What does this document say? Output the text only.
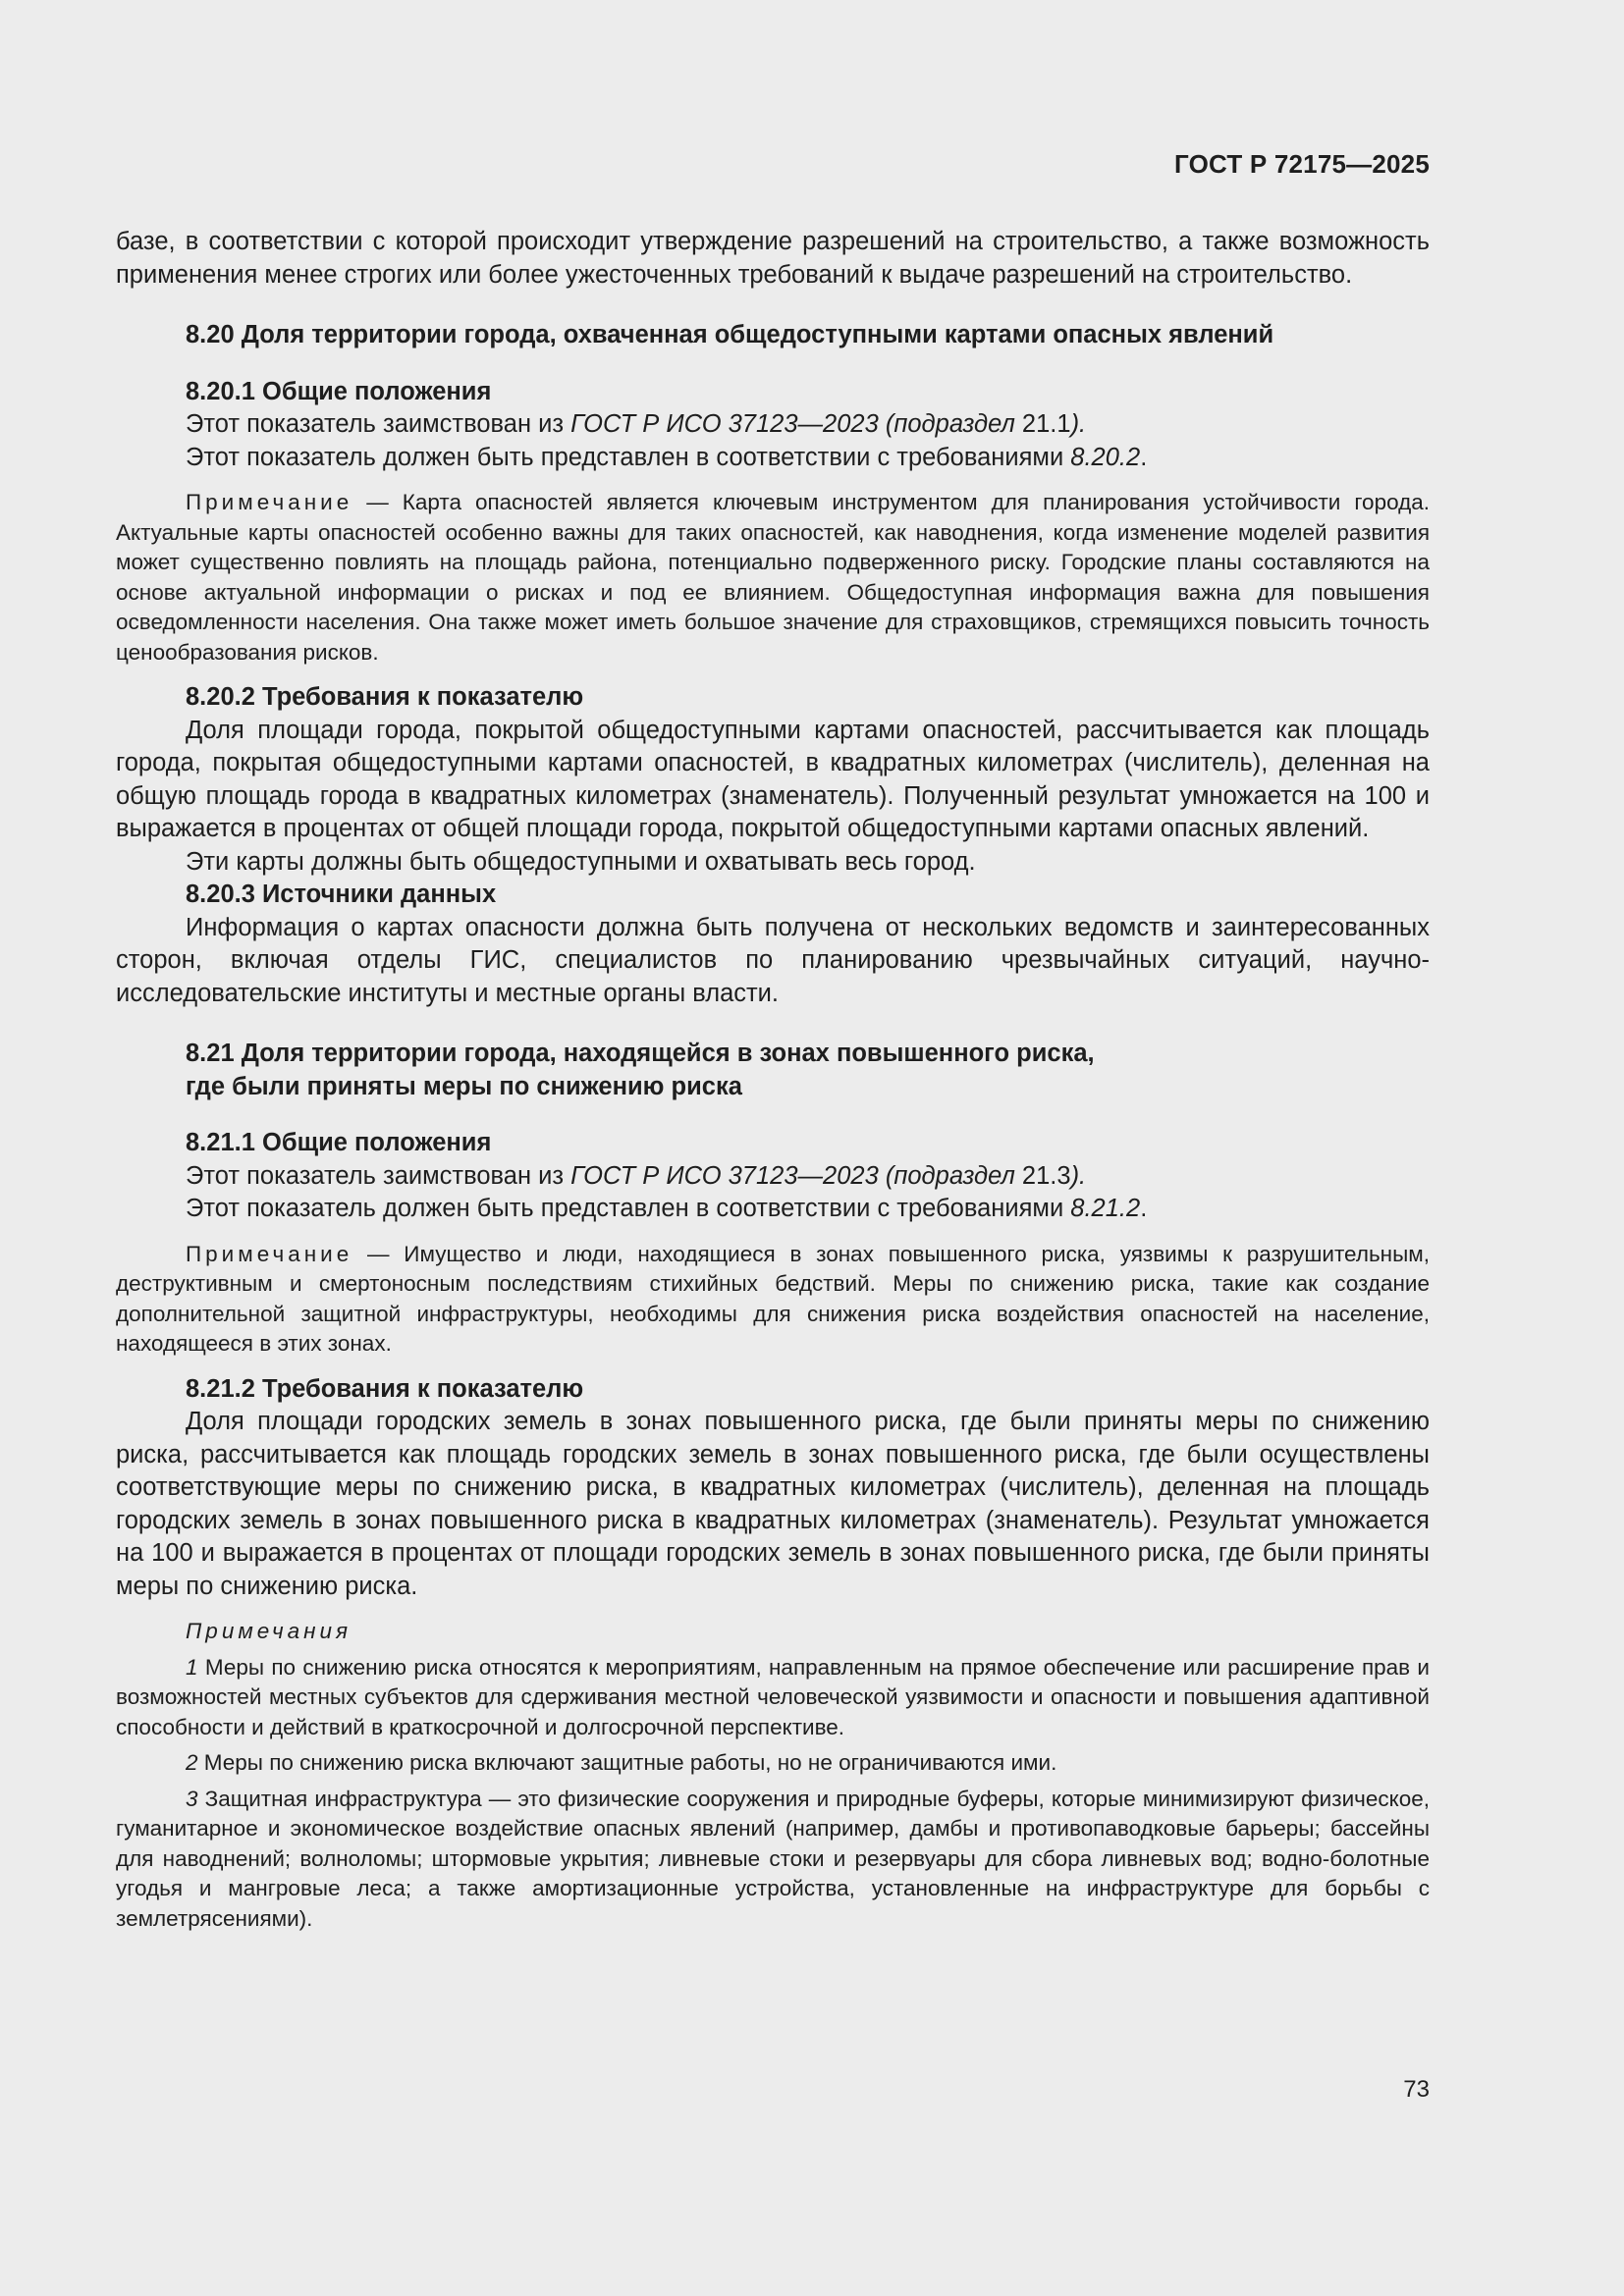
ГОСТ Р 72175—2025

базе, в соответствии с которой происходит утверждение разрешений на строительство, а также возможность применения менее строгих или более ужесточенных требований к выдаче разрешений на строительство.

8.20 Доля территории города, охваченная общедоступными картами опасных явлений

8.20.1 Общие положения

Этот показатель заимствован из ГОСТ Р ИСО 37123—2023 (подраздел 21.1).

Этот показатель должен быть представлен в соответствии с требованиями 8.20.2.

Примечание — Карта опасностей является ключевым инструментом для планирования устойчивости города. Актуальные карты опасностей особенно важны для таких опасностей, как наводнения, когда изменение моделей развития может существенно повлиять на площадь района, потенциально подверженного риску. Городские планы составляются на основе актуальной информации о рисках и под ее влиянием. Общедоступная информация важна для повышения осведомленности населения. Она также может иметь большое значение для страховщиков, стремящихся повысить точность ценообразования рисков.

8.20.2 Требования к показателю

Доля площади города, покрытой общедоступными картами опасностей, рассчитывается как площадь города, покрытая общедоступными картами опасностей, в квадратных километрах (числитель), деленная на общую площадь города в квадратных километрах (знаменатель). Полученный результат умножается на 100 и выражается в процентах от общей площади города, покрытой общедоступными картами опасных явлений.

Эти карты должны быть общедоступными и охватывать весь город.

8.20.3 Источники данных

Информация о картах опасности должна быть получена от нескольких ведомств и заинтересованных сторон, включая отделы ГИС, специалистов по планированию чрезвычайных ситуаций, научно-исследовательские институты и местные органы власти.

8.21 Доля территории города, находящейся в зонах повышенного риска,
где были приняты меры по снижению риска

8.21.1 Общие положения

Этот показатель заимствован из ГОСТ Р ИСО 37123—2023 (подраздел 21.3).

Этот показатель должен быть представлен в соответствии с требованиями 8.21.2.

Примечание — Имущество и люди, находящиеся в зонах повышенного риска, уязвимы к разрушительным, деструктивным и смертоносным последствиям стихийных бедствий. Меры по снижению риска, такие как создание дополнительной защитной инфраструктуры, необходимы для снижения риска воздействия опасностей на население, находящееся в этих зонах.

8.21.2 Требования к показателю

Доля площади городских земель в зонах повышенного риска, где были приняты меры по снижению риска, рассчитывается как площадь городских земель в зонах повышенного риска, где были осуществлены соответствующие меры по снижению риска, в квадратных километрах (числитель), деленная на площадь городских земель в зонах повышенного риска в квадратных километрах (знаменатель). Результат умножается на 100 и выражается в процентах от площади городских земель в зонах повышенного риска, где были приняты меры по снижению риска.

Примечания

1 Меры по снижению риска относятся к мероприятиям, направленным на прямое обеспечение или расширение прав и возможностей местных субъектов для сдерживания местной человеческой уязвимости и опасности и повышения адаптивной способности и действий в краткосрочной и долгосрочной перспективе.

2 Меры по снижению риска включают защитные работы, но не ограничиваются ими.

3 Защитная инфраструктура — это физические сооружения и природные буферы, которые минимизируют физическое, гуманитарное и экономическое воздействие опасных явлений (например, дамбы и противопаводковые барьеры; бассейны для наводнений; волноломы; штормовые укрытия; ливневые стоки и резервуары для сбора ливневых вод; водно-болотные угодья и мангровые леса; а также амортизационные устройства, установленные на инфраструктуре для борьбы с землетрясениями).

73
